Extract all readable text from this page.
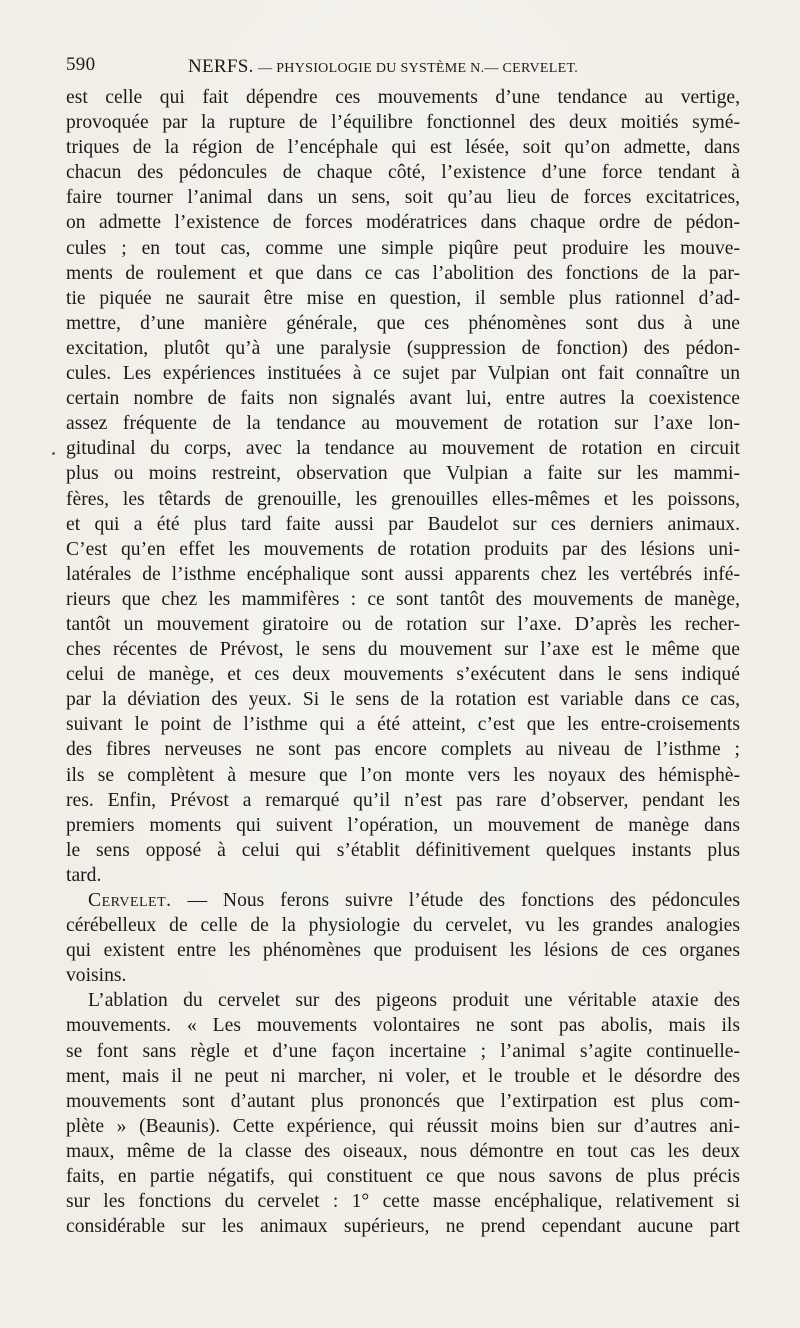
590	NERFS. — PHYSIOLOGIE DU SYSTÈME N.— CERVELET.
est celle qui fait dépendre ces mouvements d’une tendance au vertige,
provoquée par la rupture de l’équilibre fonctionnel des deux moitiés symé-
triques de la région de l’encéphale qui est lésée, soit qu’on admette, dans
chacun des pédoncules de chaque côté, l’existence d’une force tendant à
faire tourner l’animal dans un sens, soit qu’au lieu de forces excitatrices,
on admette l’existence de forces modératrices dans chaque ordre de pédon-
cules ; en tout cas, comme une simple piqûre peut produire les mouve-
ments de roulement et que dans ce cas l’abolition des fonctions de la par-
tie piquée ne saurait être mise en question, il semble plus rationnel d’ad-
mettre, d’une manière générale, que ces phénomènes sont dus à une
excitation, plutôt qu’à une paralysie (suppression de fonction) des pédon-
cules. Les expériences instituées à ce sujet par Vulpian ont fait connaître un
certain nombre de faits non signalés avant lui, entre autres la coexistence
assez fréquente de la tendance au mouvement de rotation sur l’axe lon-
gitudinal du corps, avec la tendance au mouvement de rotation en circuit
plus ou moins restreint, observation que Vulpian a faite sur les mammi-
fères, les têtards de grenouille, les grenouilles elles-mêmes et les poissons,
et qui a été plus tard faite aussi par Baudelot sur ces derniers animaux.
C’est qu’en effet les mouvements de rotation produits par des lésions uni-
latérales de l’isthme encéphalique sont aussi apparents chez les vertébrés infé-
rieurs que chez les mammifères : ce sont tantôt des mouvements de manège,
tantôt un mouvement giratoire ou de rotation sur l’axe. D’après les recher-
ches récentes de Prévost, le sens du mouvement sur l’axe est le même que
celui de manège, et ces deux mouvements s’exécutent dans le sens indiqué
par la déviation des yeux. Si le sens de la rotation est variable dans ce cas,
suivant le point de l’isthme qui a été atteint, c’est que les entre-croisements
des fibres nerveuses ne sont pas encore complets au niveau de l’isthme ;
ils se complètent à mesure que l’on monte vers les noyaux des hémisphè-
res. Enfin, Prévost a remarqué qu’il n’est pas rare d’observer, pendant les
premiers moments qui suivent l’opération, un mouvement de manège dans
le sens opposé à celui qui s’établit définitivement quelques instants plus
tard.
Cervelet. — Nous ferons suivre l’étude des fonctions des pédoncules
cérébelleux de celle de la physiologie du cervelet, vu les grandes analogies
qui existent entre les phénomènes que produisent les lésions de ces organes
voisins.
L’ablation du cervelet sur des pigeons produit une véritable ataxie des
mouvements. « Les mouvements volontaires ne sont pas abolis, mais ils
se font sans règle et d’une façon incertaine ; l’animal s’agite continuelle-
ment, mais il ne peut ni marcher, ni voler, et le trouble et le désordre des
mouvements sont d’autant plus prononcés que l’extirpation est plus com-
plète » (Beaunis). Cette expérience, qui réussit moins bien sur d’autres ani-
maux, même de la classe des oiseaux, nous démontre en tout cas les deux
faits, en partie négatifs, qui constituent ce que nous savons de plus précis
sur les fonctions du cervelet : 1° cette masse encéphalique, relativement si
considérable sur les animaux supérieurs, ne prend cependant aucune part
